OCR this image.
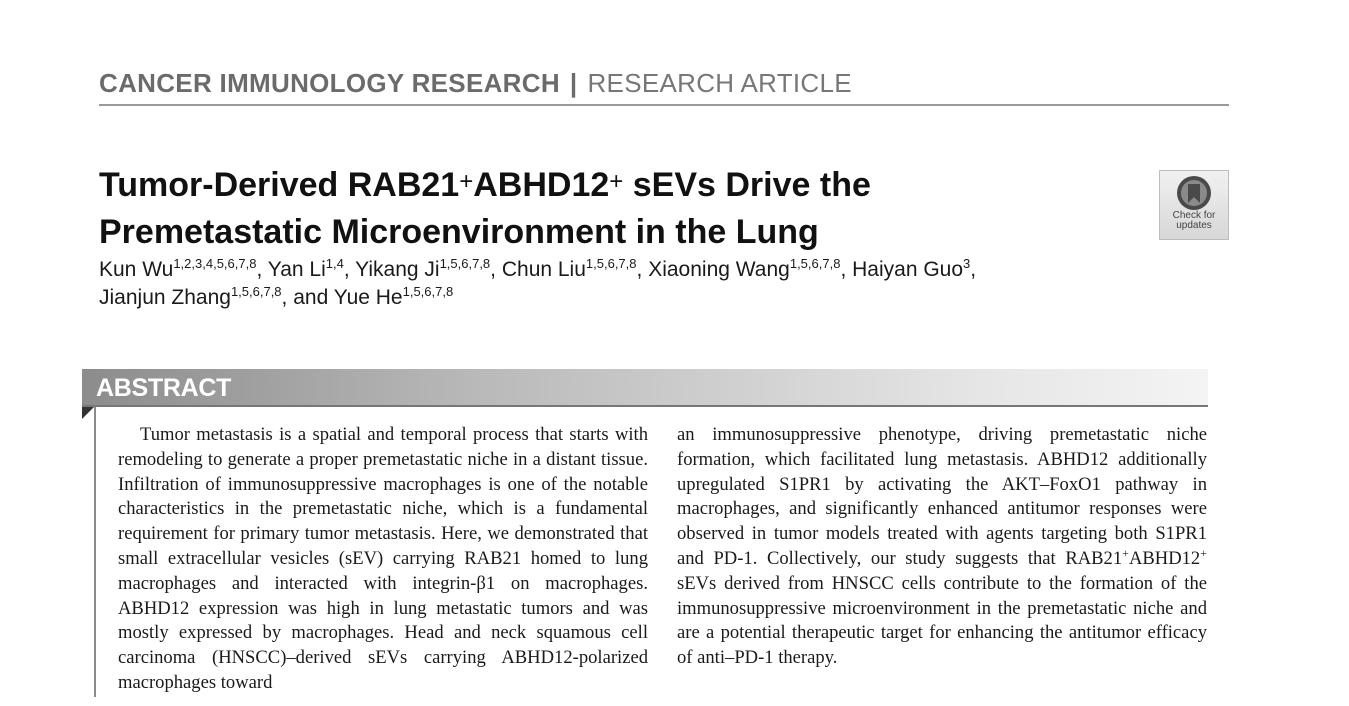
CANCER IMMUNOLOGY RESEARCH | RESEARCH ARTICLE
Tumor-Derived RAB21+ABHD12+ sEVs Drive the Premetastatic Microenvironment in the Lung	Check for updates
Kun Wu$^{1,2,3,4,5,6,7,8}$, Yan Li$^{1,4}$, Yikang Ji$^{1,5,6,7,8}$, Chun Liu$^{1,5,6,7,8}$, Xiaoning Wang$^{1,5,6,7,8}$, Haiyan Guo$^3$,
Jianjun Zhang$^{1,5,6,7,8}$, and Yue He$^{1,5,6,7,8}$
ABSTRACT
Tumor metastasis is a spatial and temporal process that starts with remodeling to generate a proper premetastatic niche in a distant tissue. Infiltration of immunosuppressive macrophages is one of the notable characteristics in the premetastatic niche, which is a fundamental requirement for primary tumor metastasis. Here, we demonstrated that small extracellular vesicles (sEV) carrying RAB21 homed to lung macrophages and interacted with integrin-β1 on macrophages. ABHD12 expression was high in lung metastatic tumors and was mostly expressed by macrophages. Head and neck squamous cell carcinoma (HNSCC)–derived sEVs carrying ABHD12-polarized macrophages toward
an immunosuppressive phenotype, driving premetastatic niche formation, which facilitated lung metastasis. ABHD12 additionally upregulated S1PR1 by activating the AKT–FoxO1 pathway in macrophages, and significantly enhanced antitumor responses were observed in tumor models treated with agents targeting both S1PR1 and PD-1. Collectively, our study suggests that RAB21+ABHD12+ sEVs derived from HNSCC cells contribute to the formation of the immunosuppressive microenvironment in the premetastatic niche and are a potential therapeutic target for enhancing the antitumor efficacy of anti–PD-1 therapy.
